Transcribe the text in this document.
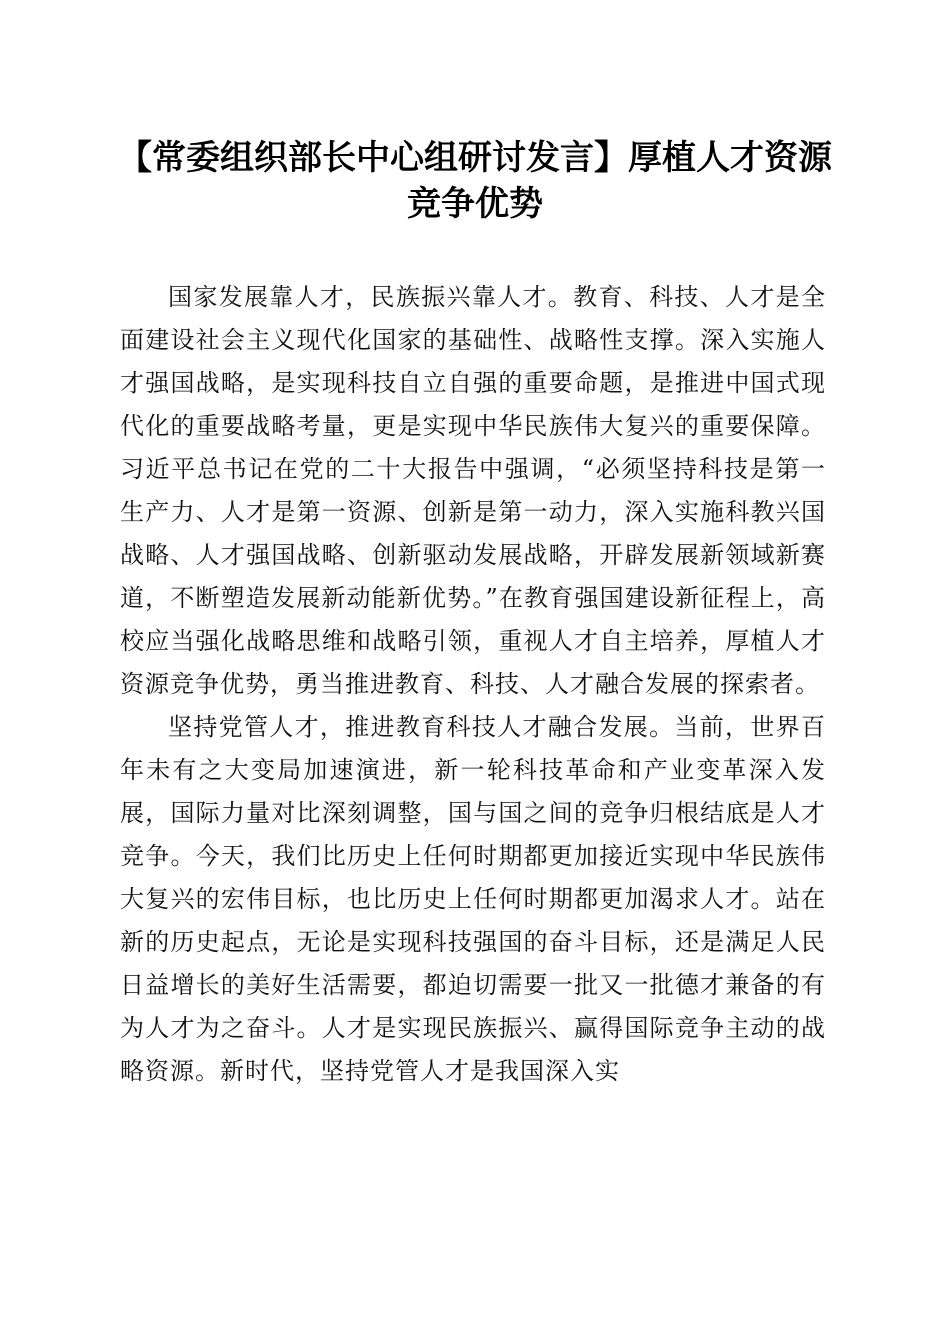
【常委组织部长中心组研讨发言】厚植人才资源竞争优势

国家发展靠人才，民族振兴靠人才。教育、科技、人才是全面建设社会主义现代化国家的基础性、战略性支撑。深入实施人才强国战略，是实现科技自立自强的重要命题，是推进中国式现代化的重要战略考量，更是实现中华民族伟大复兴的重要保障。习近平总书记在党的二十大报告中强调，“必须坚持科技是第一生产力、人才是第一资源、创新是第一动力，深入实施科教兴国战略、人才强国战略、创新驱动发展战略，开辟发展新领域新赛道，不断塑造发展新动能新优势。”在教育强国建设新征程上，高校应当强化战略思维和战略引领，重视人才自主培养，厚植人才资源竞争优势，勇当推进教育、科技、人才融合发展的探索者。

坚持党管人才，推进教育科技人才融合发展。当前，世界百年未有之大变局加速演进，新一轮科技革命和产业变革深入发展，国际力量对比深刻调整，国与国之间的竞争归根结底是人才竞争。今天，我们比历史上任何时期都更加接近实现中华民族伟大复兴的宏伟目标，也比历史上任何时期都更加渴求人才。站在新的历史起点，无论是实现科技强国的奋斗目标，还是满足人民日益增长的美好生活需要，都迫切需要一批又一批德才兼备的有为人才为之奋斗。人才是实现民族振兴、赢得国际竞争主动的战略资源。新时代，坚持党管人才是我国深入实
